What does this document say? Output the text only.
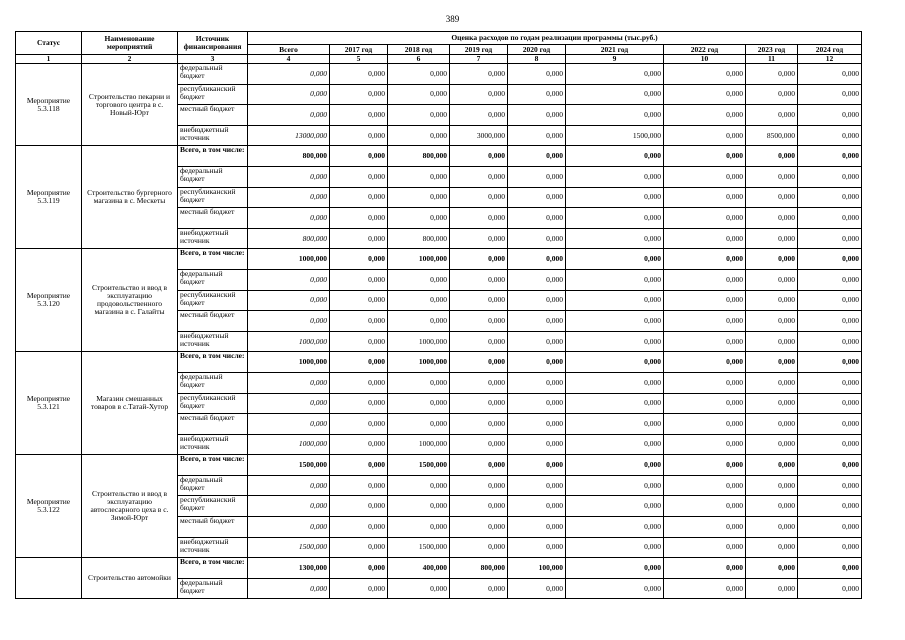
389
Статус	Наименование мероприятий	Источник финансирования	Оценка расходов по годам реализации программы (тыс.руб.)								
			Всего	2017 год	2018 год	2019 год	2020 год	2021 год	2022 год	2023 год	2024 год
1	2	3	4	5	6	7	8	9	10	11	12
Мероприятие 5.3.118	Строительство пекарни и торгового центра в с. Новый-Юрт	федеральный бюджет	0,000	0,000	0,000	0,000	0,000	0,000	0,000	0,000	0,000
		республиканский бюджет	0,000	0,000	0,000	0,000	0,000	0,000	0,000	0,000	0,000
		местный бюджет	0,000	0,000	0,000	0,000	0,000	0,000	0,000	0,000	0,000
		внебюджетный источник	13000,000	0,000	0,000	3000,000	0,000	1500,000	0,000	8500,000	0,000
Мероприятие 5.3.119	Строительство бургерного магазина в с. Мескеты	Всего, в том числе:	800,000	0,000	800,000	0,000	0,000	0,000	0,000	0,000	0,000
		федеральный бюджет	0,000	0,000	0,000	0,000	0,000	0,000	0,000	0,000	0,000
		республиканский бюджет	0,000	0,000	0,000	0,000	0,000	0,000	0,000	0,000	0,000
		местный бюджет	0,000	0,000	0,000	0,000	0,000	0,000	0,000	0,000	0,000
		внебюджетный источник	800,000	0,000	800,000	0,000	0,000	0,000	0,000	0,000	0,000
Мероприятие 5.3.120	Строительство и ввод в эксплуатацию продовольственного магазина в с. Галайты	Всего, в том числе:	1000,000	0,000	1000,000	0,000	0,000	0,000	0,000	0,000	0,000
		федеральный бюджет	0,000	0,000	0,000	0,000	0,000	0,000	0,000	0,000	0,000
		республиканский бюджет	0,000	0,000	0,000	0,000	0,000	0,000	0,000	0,000	0,000
		местный бюджет	0,000	0,000	0,000	0,000	0,000	0,000	0,000	0,000	0,000
		внебюджетный источник	1000,000	0,000	1000,000	0,000	0,000	0,000	0,000	0,000	0,000
Мероприятие 5.3.121	Магазин смешанных товаров в с.Татай-Хутор	Всего, в том числе:	1000,000	0,000	1000,000	0,000	0,000	0,000	0,000	0,000	0,000
		федеральный бюджет	0,000	0,000	0,000	0,000	0,000	0,000	0,000	0,000	0,000
		республиканский бюджет	0,000	0,000	0,000	0,000	0,000	0,000	0,000	0,000	0,000
		местный бюджет	0,000	0,000	0,000	0,000	0,000	0,000	0,000	0,000	0,000
		внебюджетный источник	1000,000	0,000	1000,000	0,000	0,000	0,000	0,000	0,000	0,000
Мероприятие 5.3.122	Строительство и ввод в эксплуатацию автослесарного цеха в с. Зимой-Юрт	Всего, в том числе:	1500,000	0,000	1500,000	0,000	0,000	0,000	0,000	0,000	0,000
		федеральный бюджет	0,000	0,000	0,000	0,000	0,000	0,000	0,000	0,000	0,000
		республиканский бюджет	0,000	0,000	0,000	0,000	0,000	0,000	0,000	0,000	0,000
		местный бюджет	0,000	0,000	0,000	0,000	0,000	0,000	0,000	0,000	0,000
		внебюджетный источник	1500,000	0,000	1500,000	0,000	0,000	0,000	0,000	0,000	0,000
	Строительство автомойки	Всего, в том числе:	1300,000	0,000	400,000	800,000	100,000	0,000	0,000	0,000	0,000
		федеральный бюджет	0,000	0,000	0,000	0,000	0,000	0,000	0,000	0,000	0,000
